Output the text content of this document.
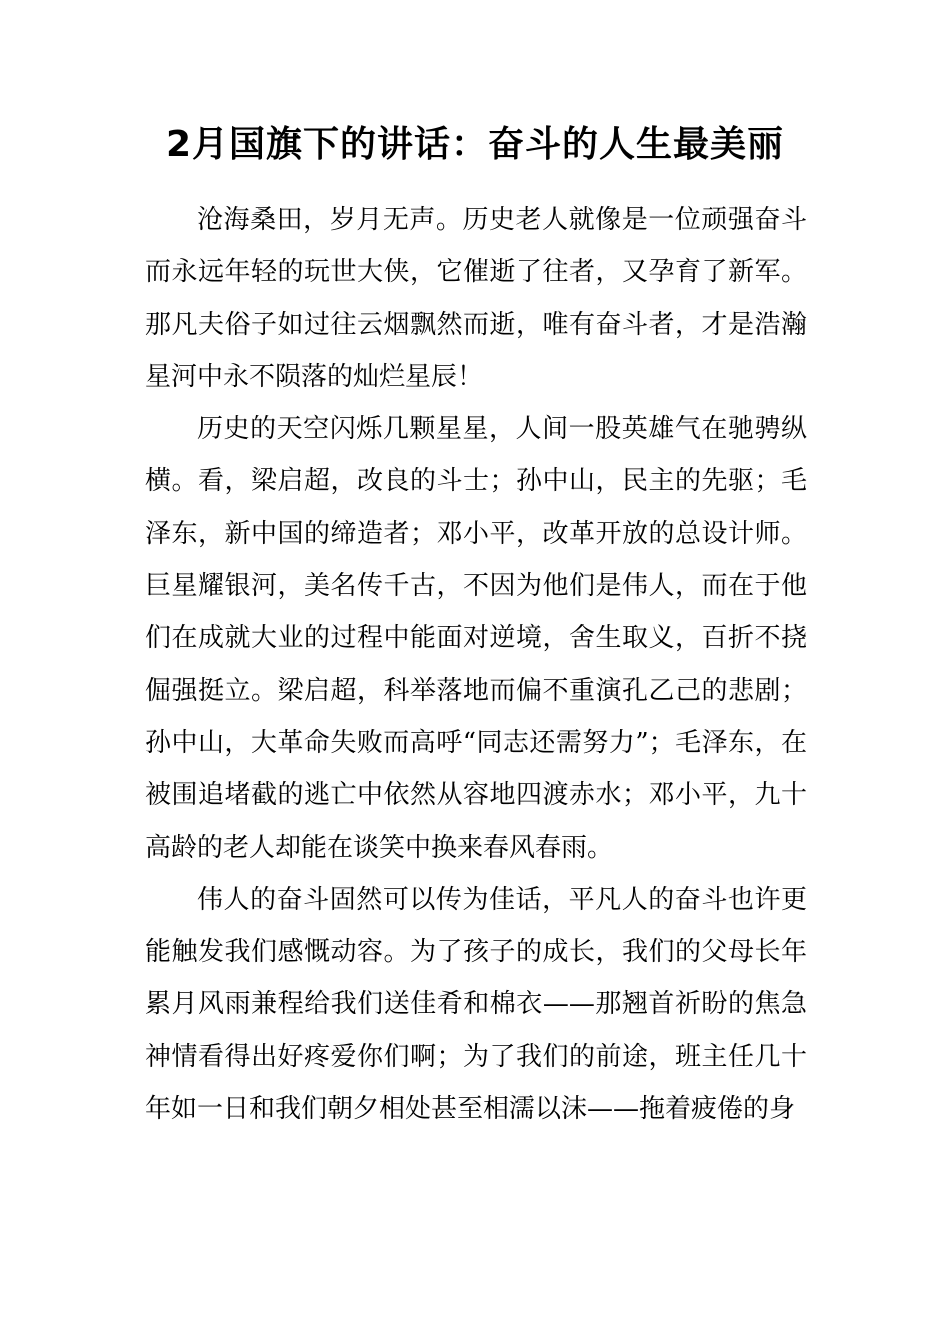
2月国旗下的讲话：奋斗的人生最美丽

沧海桑田，岁月无声。历史老人就像是一位顽强奋斗而永远年轻的玩世大侠，它催逝了往者，又孕育了新军。那凡夫俗子如过往云烟飘然而逝，唯有奋斗者，才是浩瀚星河中永不陨落的灿烂星辰！

历史的天空闪烁几颗星星，人间一股英雄气在驰骋纵横。看，梁启超，改良的斗士；孙中山，民主的先驱；毛泽东，新中国的缔造者；邓小平，改革开放的总设计师。巨星耀银河，美名传千古，不因为他们是伟人，而在于他们在成就大业的过程中能面对逆境，舍生取义，百折不挠倔强挺立。梁启超，科举落地而偏不重演孔乙己的悲剧；孙中山，大革命失败而高呼“同志还需努力”；毛泽东，在被围追堵截的逃亡中依然从容地四渡赤水；邓小平，九十高龄的老人却能在谈笑中换来春风春雨。

伟人的奋斗固然可以传为佳话，平凡人的奋斗也许更能触发我们感慨动容。为了孩子的成长，我们的父母长年累月风雨兼程给我们送佳肴和棉衣——那翘首祈盼的焦急神情看得出好疼爱你们啊；为了我们的前途，班主任几十年如一日和我们朝夕相处甚至相濡以沫——拖着疲倦的身
